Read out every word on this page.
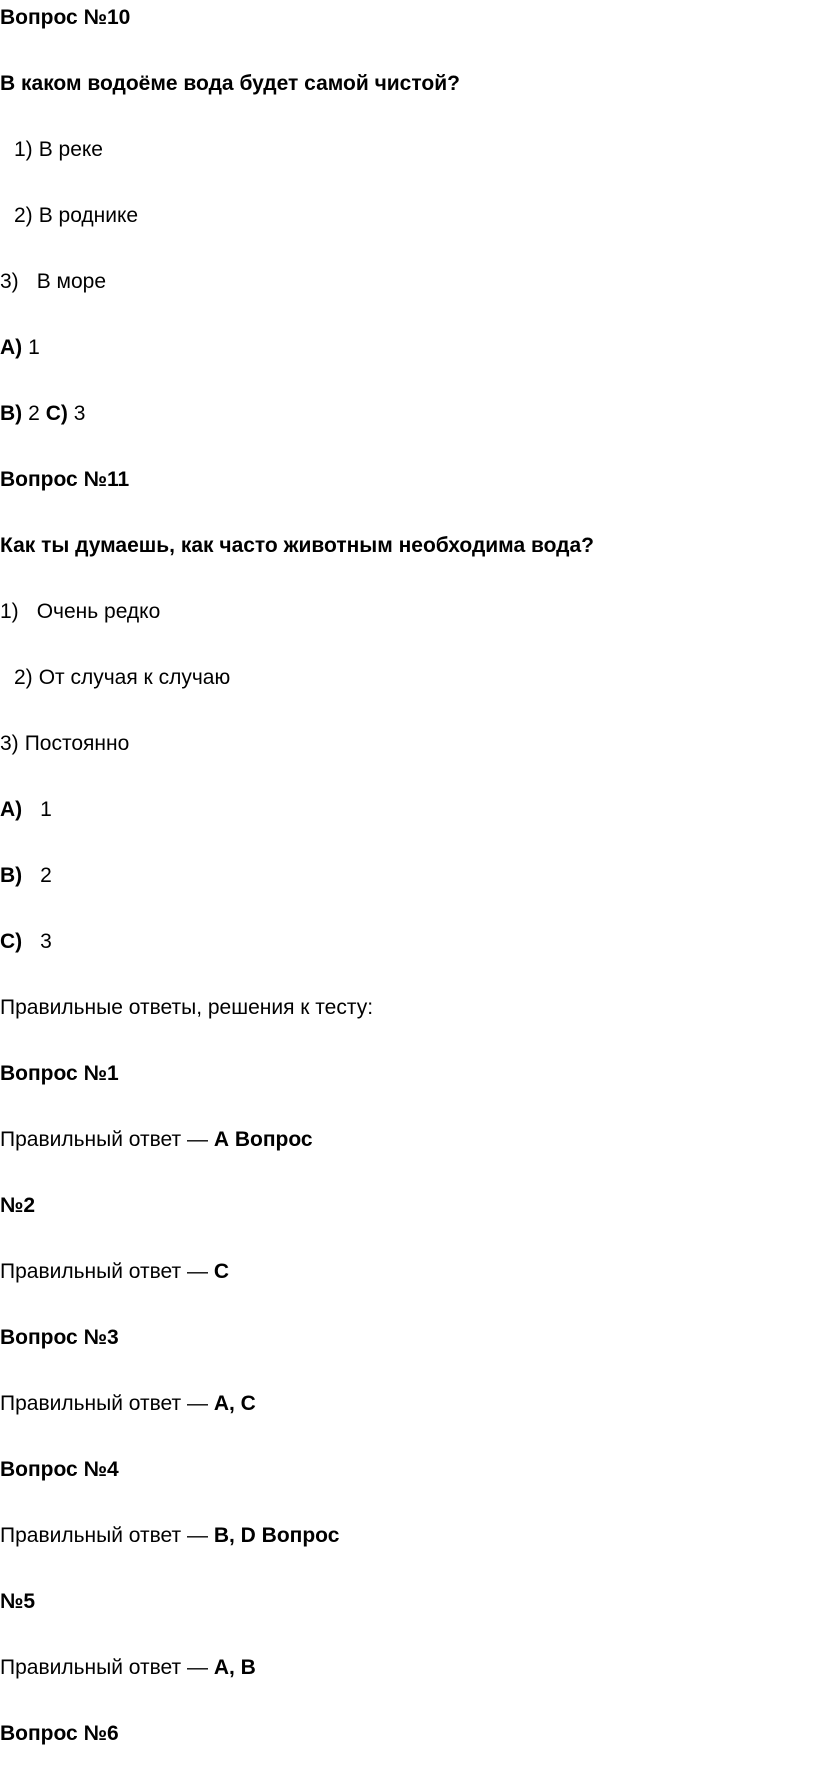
Вопрос №10
В каком водоёме вода будет самой чистой?
1) В реке
2) В роднике
3) В море
A) 1
B) 2 C) 3
Вопрос №11
Как ты думаешь, как часто животным необходима вода?
1) Очень редко
2) От случая к случаю
3) Постоянно
A) 1
B) 2
C) 3
Правильные ответы, решения к тесту:
Вопрос №1
Правильный ответ — A Вопрос
№2
Правильный ответ — C
Вопрос №3
Правильный ответ — A, C
Вопрос №4
Правильный ответ — B, D Вопрос
№5
Правильный ответ — A, B
Вопрос №6
